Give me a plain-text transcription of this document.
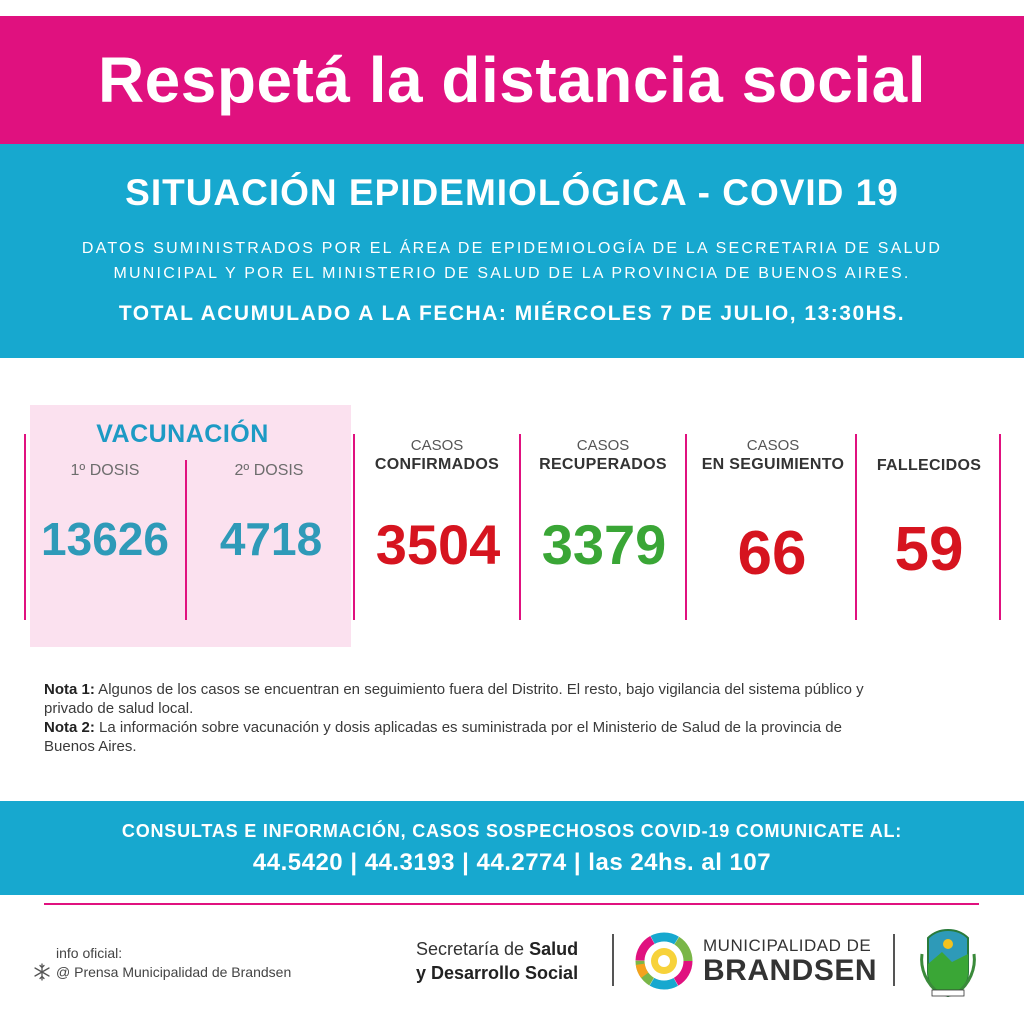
Respetá la distancia social
SITUACIÓN EPIDEMIOLÓGICA - COVID 19
DATOS SUMINISTRADOS POR EL ÁREA DE EPIDEMIOLOGÍA DE LA SECRETARIA DE SALUD
MUNICIPAL Y POR EL MINISTERIO DE SALUD DE LA PROVINCIA DE BUENOS AIRES.
TOTAL ACUMULADO A LA FECHA: MIÉRCOLES 7 DE JULIO, 13:30HS.
VACUNACIÓN
1º DOSIS	2º DOSIS
13626	4718
CASOS
CONFIRMADOS
3504
CASOS
RECUPERADOS
3379
CASOS
EN SEGUIMIENTO
66
FALLECIDOS
59
Nota 1: Algunos de los casos se encuentran en seguimiento fuera del Distrito. El resto, bajo vigilancia del sistema público y privado de salud local.
Nota 2: La información sobre vacunación y dosis aplicadas es suministrada por el Ministerio de Salud de la provincia de Buenos Aires.
CONSULTAS E INFORMACIÓN, CASOS SOSPECHOSOS COVID-19 COMUNICATE AL:
44.5420 | 44.3193 | 44.2774 | las 24hs. al 107
info oficial:
@ Prensa Municipalidad de Brandsen
Secretaría de Salud
y Desarrollo Social
MUNICIPALIDAD DE
BRANDSEN
